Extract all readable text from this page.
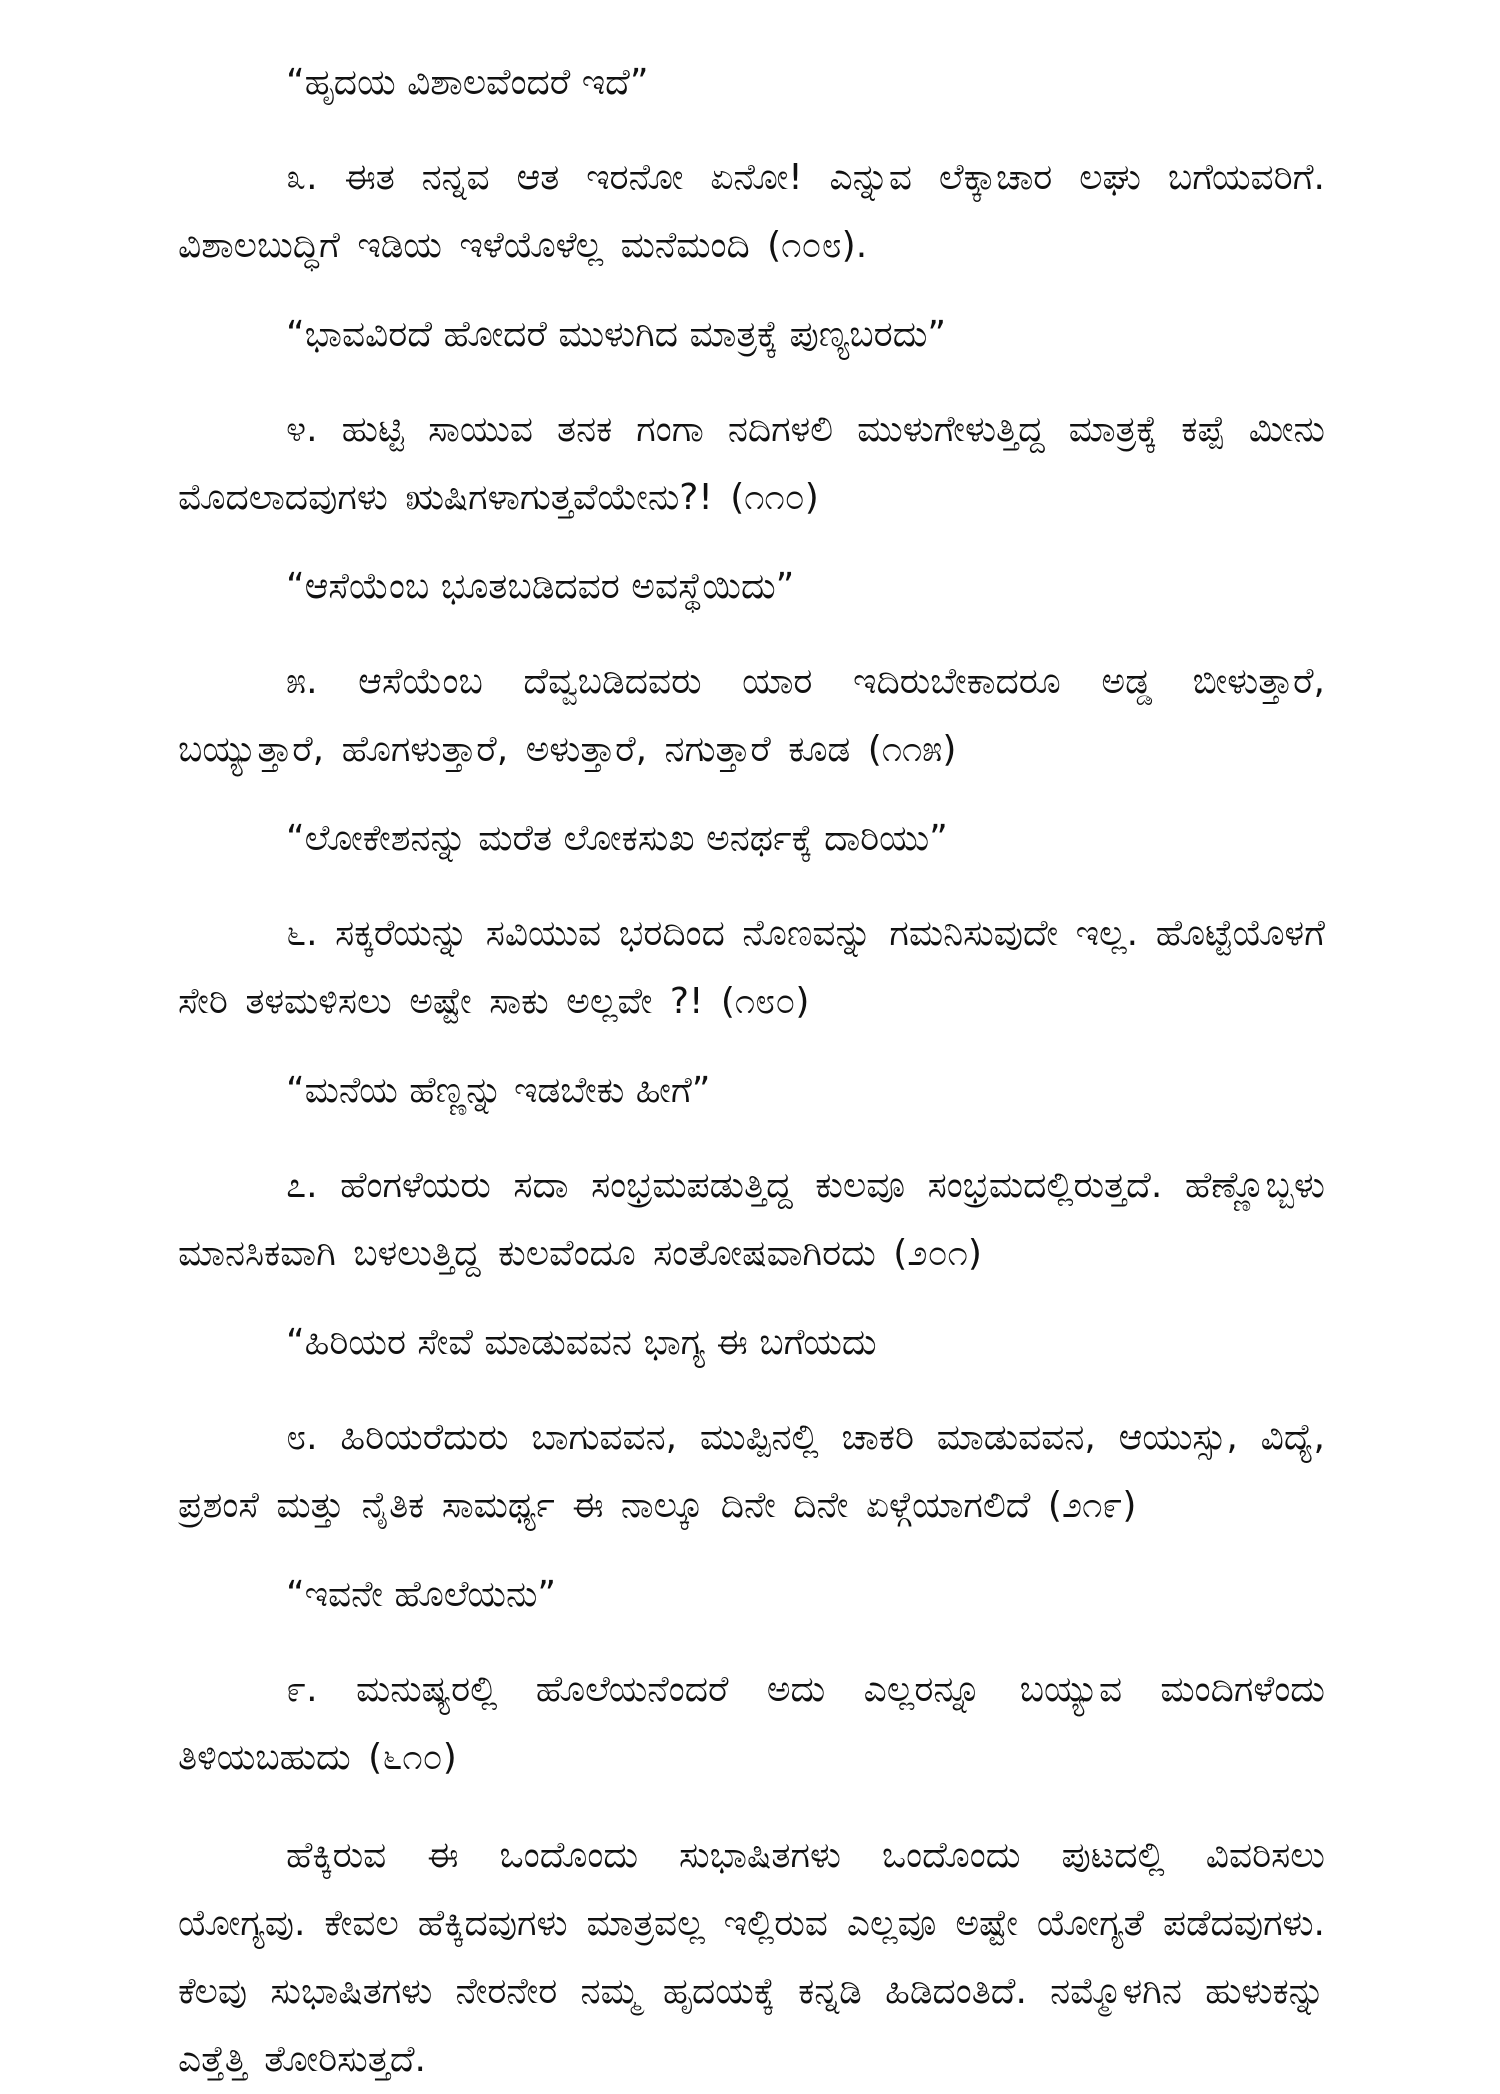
“ಹೃದಯ ವಿಶಾಲವೆಂದರೆ ಇದೆ”

೩. ಈತ ನನ್ನವ ಆತ ಇರನೋ ಏನೋ! ಎನ್ನುವ ಲೆಕ್ಕಾಚಾರ ಲಘು ಬಗೆಯವರಿಗೆ. ವಿಶಾಲಬುದ್ಧಿಗೆ ಇಡಿಯ ಇಳೆಯೊಳೆಲ್ಲ ಮನೆಮಂದಿ (೧೦೮).

“ಭಾವವಿರದೆ ಹೋದರೆ ಮುಳುಗಿದ ಮಾತ್ರಕ್ಕೆ ಪುಣ್ಯಬರದು”

೪. ಹುಟ್ಟಿ ಸಾಯುವ ತನಕ ಗಂಗಾ ನದಿಗಳಲಿ ಮುಳುಗೇಳುತ್ತಿದ್ದ ಮಾತ್ರಕ್ಕೆ ಕಪ್ಪೆ ಮೀನು ಮೊದಲಾದವುಗಳು ಋಷಿಗಳಾಗುತ್ತವೆಯೇನು?! (೧೧೦)

“ಆಸೆಯೆಂಬ ಭೂತಬಡಿದವರ ಅವಸ್ಥೆಯಿದು”

೫. ಆಸೆಯೆಂಬ ದೆವ್ವಬಡಿದವರು ಯಾರ ಇದಿರುಬೇಕಾದರೂ ಅಡ್ಡ ಬೀಳುತ್ತಾರೆ, ಬಯ್ಯುತ್ತಾರೆ, ಹೊಗಳುತ್ತಾರೆ, ಅಳುತ್ತಾರೆ, ನಗುತ್ತಾರೆ ಕೂಡ (೧೧೫)

“ಲೋಕೇಶನನ್ನು ಮರೆತ ಲೋಕಸುಖ ಅನರ್ಥಕ್ಕೆ ದಾರಿಯು”

೬. ಸಕ್ಕರೆಯನ್ನು ಸವಿಯುವ ಭರದಿಂದ ನೊಣವನ್ನು ಗಮನಿಸುವುದೇ ಇಲ್ಲ. ಹೊಟ್ಟೆಯೊಳಗೆ ಸೇರಿ ತಳಮಳಿಸಲು ಅಷ್ಟೇ ಸಾಕು ಅಲ್ಲವೇ ?! (೧೮೦)

“ಮನೆಯ ಹೆಣ್ಣನ್ನು ಇಡಬೇಕು ಹೀಗೆ”

೭. ಹೆಂಗಳೆಯರು ಸದಾ ಸಂಭ್ರಮಪಡುತ್ತಿದ್ದ ಕುಲವೂ ಸಂಭ್ರಮದಲ್ಲಿರುತ್ತದೆ. ಹೆಣ್ಣೊಬ್ಬಳು ಮಾನಸಿಕವಾಗಿ ಬಳಲುತ್ತಿದ್ದ ಕುಲವೆಂದೂ ಸಂತೋಷವಾಗಿರದು (೨೦೧)

“ಹಿರಿಯರ ಸೇವೆ ಮಾಡುವವನ ಭಾಗ್ಯ ಈ ಬಗೆಯದು

೮. ಹಿರಿಯರೆದುರು ಬಾಗುವವನ, ಮುಪ್ಪಿನಲ್ಲಿ ಚಾಕರಿ ಮಾಡುವವನ, ಆಯುಸ್ಸು, ವಿದ್ಯೆ, ಪ್ರಶಂಸೆ ಮತ್ತು ನೈತಿಕ ಸಾಮರ್ಥ್ಯ ಈ ನಾಲ್ಕೂ ದಿನೇ ದಿನೇ ಏಳ್ಗೆಯಾಗಲಿದೆ (೨೧೯)

“ಇವನೇ ಹೊಲೆಯನು”

೯. ಮನುಷ್ಯರಲ್ಲಿ ಹೊಲೆಯನೆಂದರೆ ಅದು ಎಲ್ಲರನ್ನೂ ಬಯ್ಯುವ ಮಂದಿಗಳೆಂದು ತಿಳಿಯಬಹುದು (೬೧೦)

ಹೆಕ್ಕಿರುವ ಈ ಒಂದೊಂದು ಸುಭಾಷಿತಗಳು ಒಂದೊಂದು ಪುಟದಲ್ಲಿ ವಿವರಿಸಲು ಯೋಗ್ಯವು. ಕೇವಲ ಹೆಕ್ಕಿದವುಗಳು ಮಾತ್ರವಲ್ಲ ಇಲ್ಲಿರುವ ಎಲ್ಲವೂ ಅಷ್ಟೇ ಯೋಗ್ಯತೆ ಪಡೆದವುಗಳು. ಕೆಲವು ಸುಭಾಷಿತಗಳು ನೇರನೇರ ನಮ್ಮ ಹೃದಯಕ್ಕೆ ಕನ್ನಡಿ ಹಿಡಿದಂತಿದೆ. ನಮ್ಮೊಳಗಿನ ಹುಳುಕನ್ನು ಎತ್ತೆತ್ತಿ ತೋರಿಸುತ್ತದೆ.
